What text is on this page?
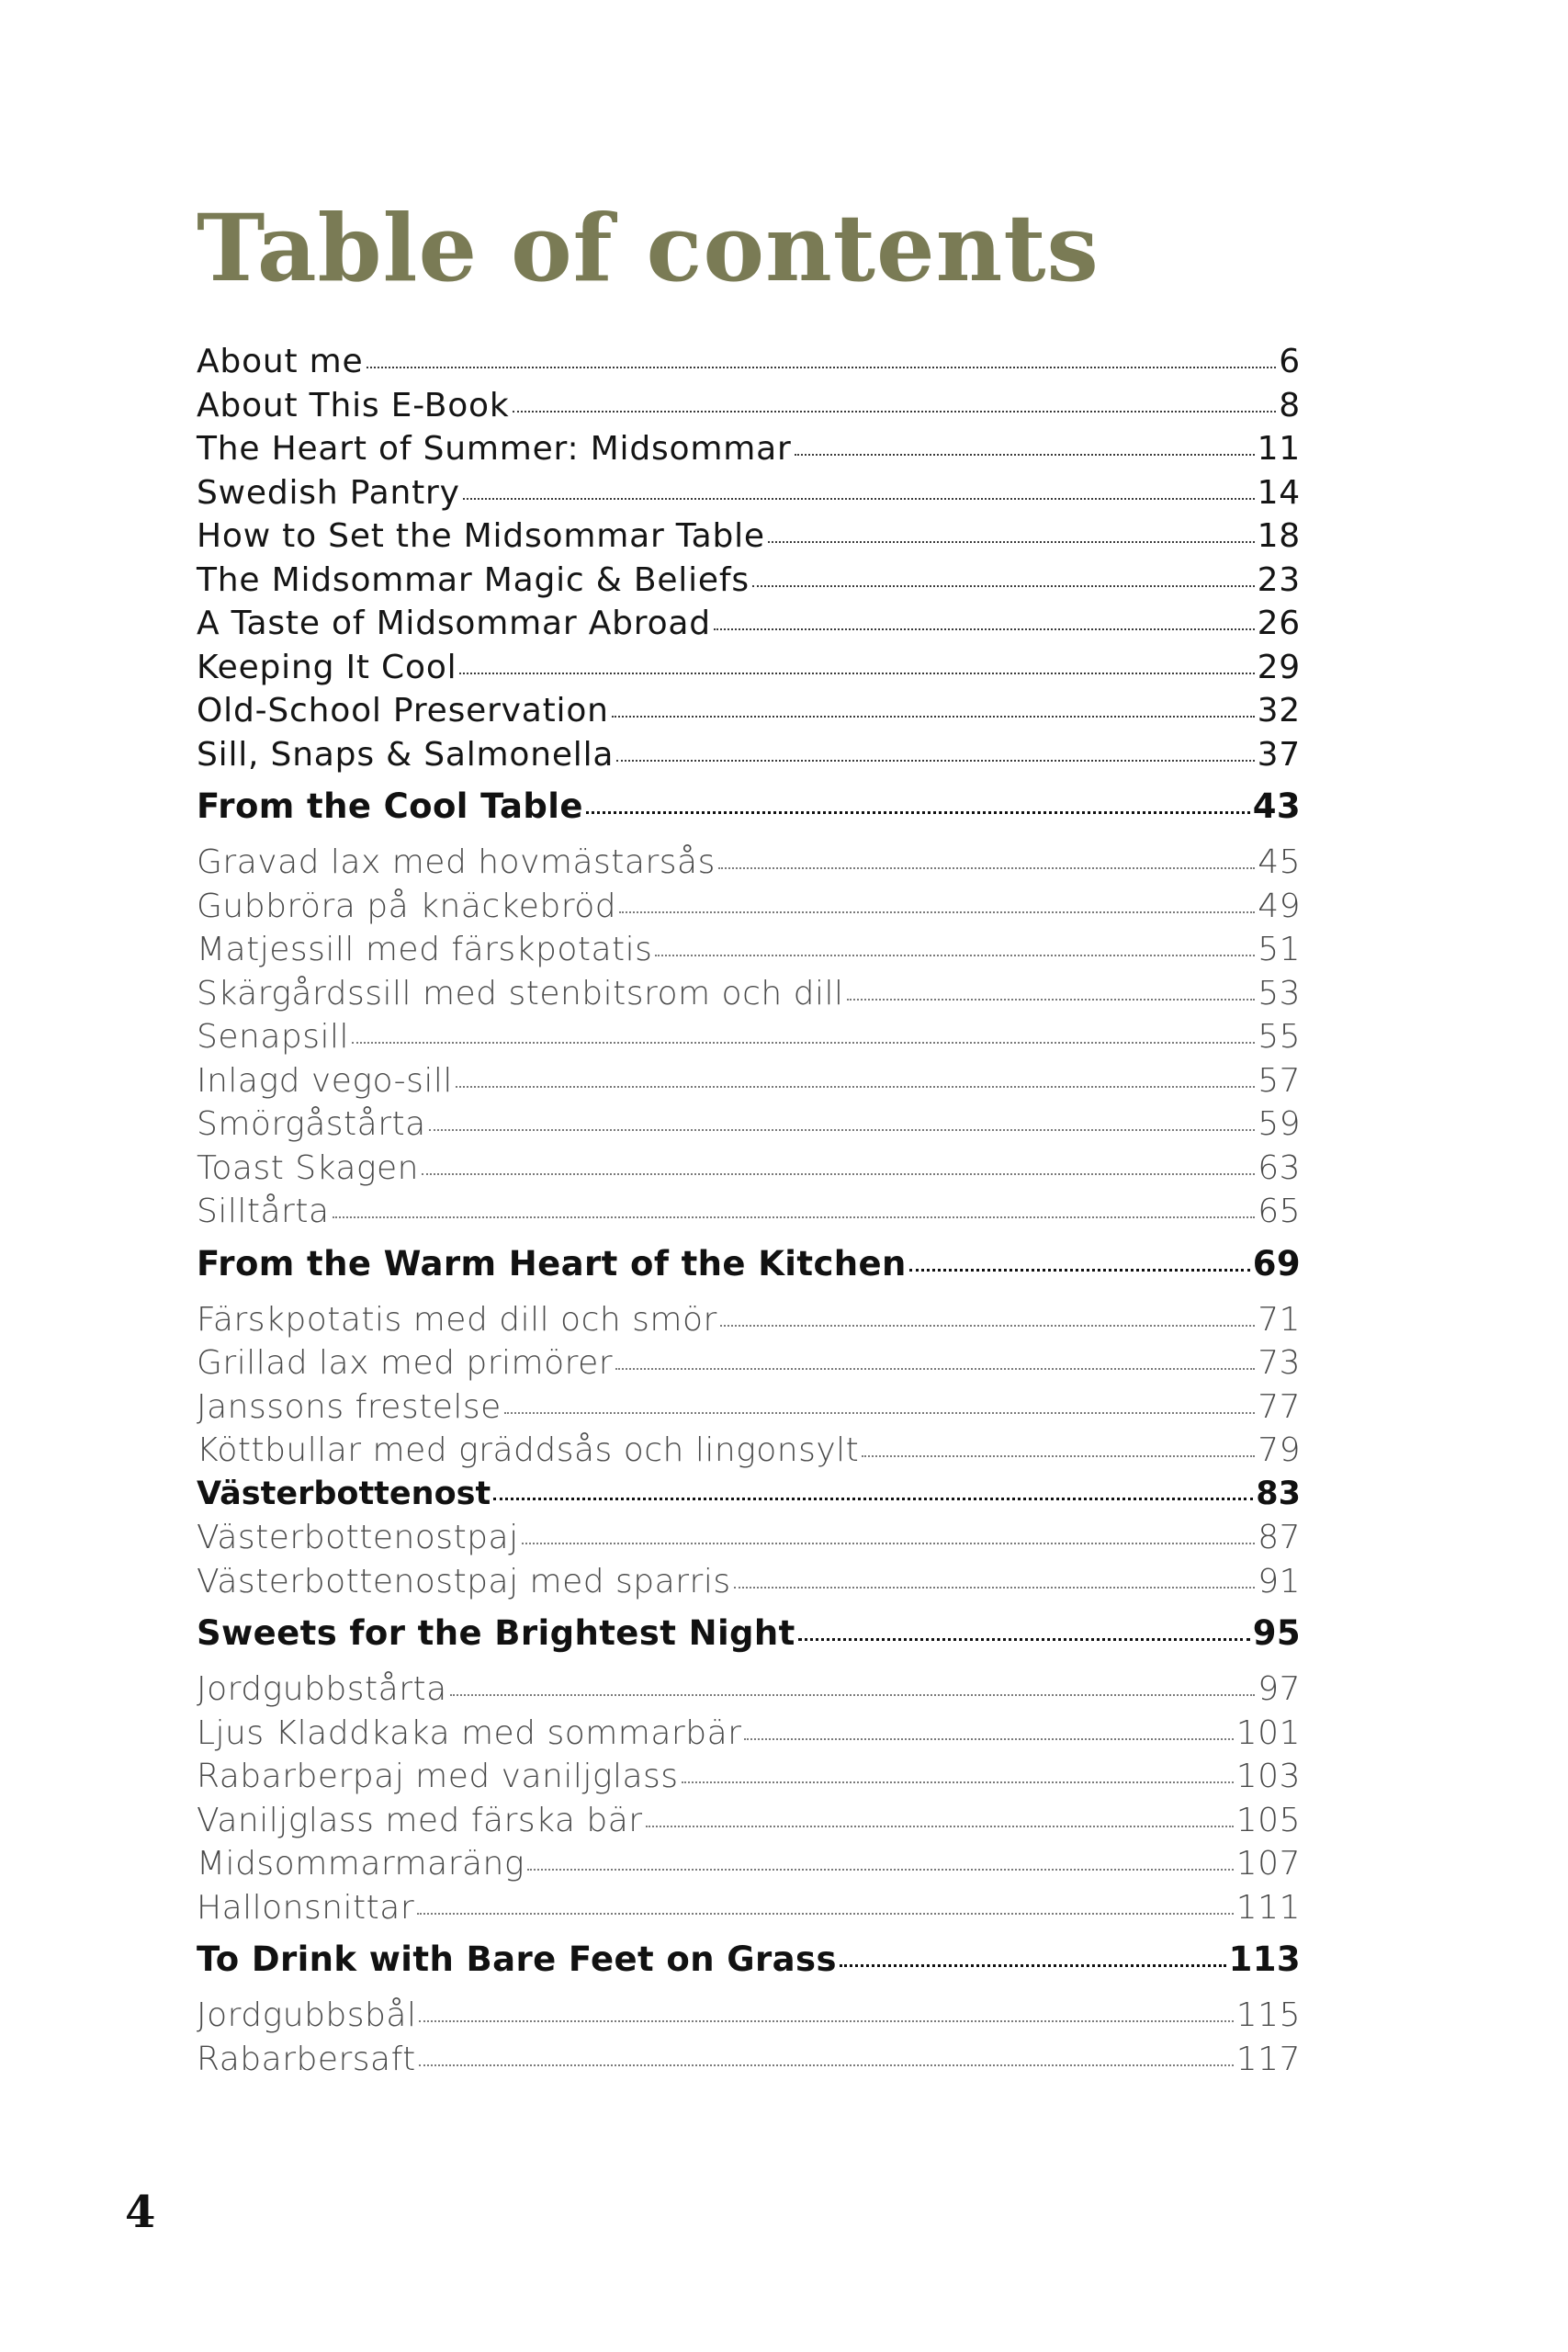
Table of contents
About me	6
About This E-Book	8
The Heart of Summer: Midsommar	11
Swedish Pantry	14
How to Set the Midsommar Table	18
The Midsommar Magic & Beliefs	23
A Taste of Midsommar Abroad	26
Keeping It Cool	29
Old-School Preservation	32
Sill, Snaps & Salmonella	37
From the Cool Table	43
Gravad lax med hovmästarsås	45
Gubbröra på knäckebröd	49
Matjessill med färskpotatis	51
Skärgårdssill med stenbitsrom och dill	53
Senapsill	55
Inlagd vego-sill	57
Smörgåstårta	59
Toast Skagen	63
Silltårta	65
From the Warm Heart of the Kitchen	69
Färskpotatis med dill och smör	71
Grillad lax med primörer	73
Janssons frestelse	77
Köttbullar med gräddsås och lingonsylt	79
Västerbottenost	83
Västerbottenostpaj	87
Västerbottenostpaj med sparris	91
Sweets for the Brightest Night	95
Jordgubbstårta	97
Ljus Kladdkaka med sommarbär	101
Rabarberpaj med vaniljglass	103
Vaniljglass med färska bär	105
Midsommarmaräng	107
Hallonsnittar	111
To Drink with Bare Feet on Grass	113
Jordgubbsbål	115
Rabarbersaft	117
4
